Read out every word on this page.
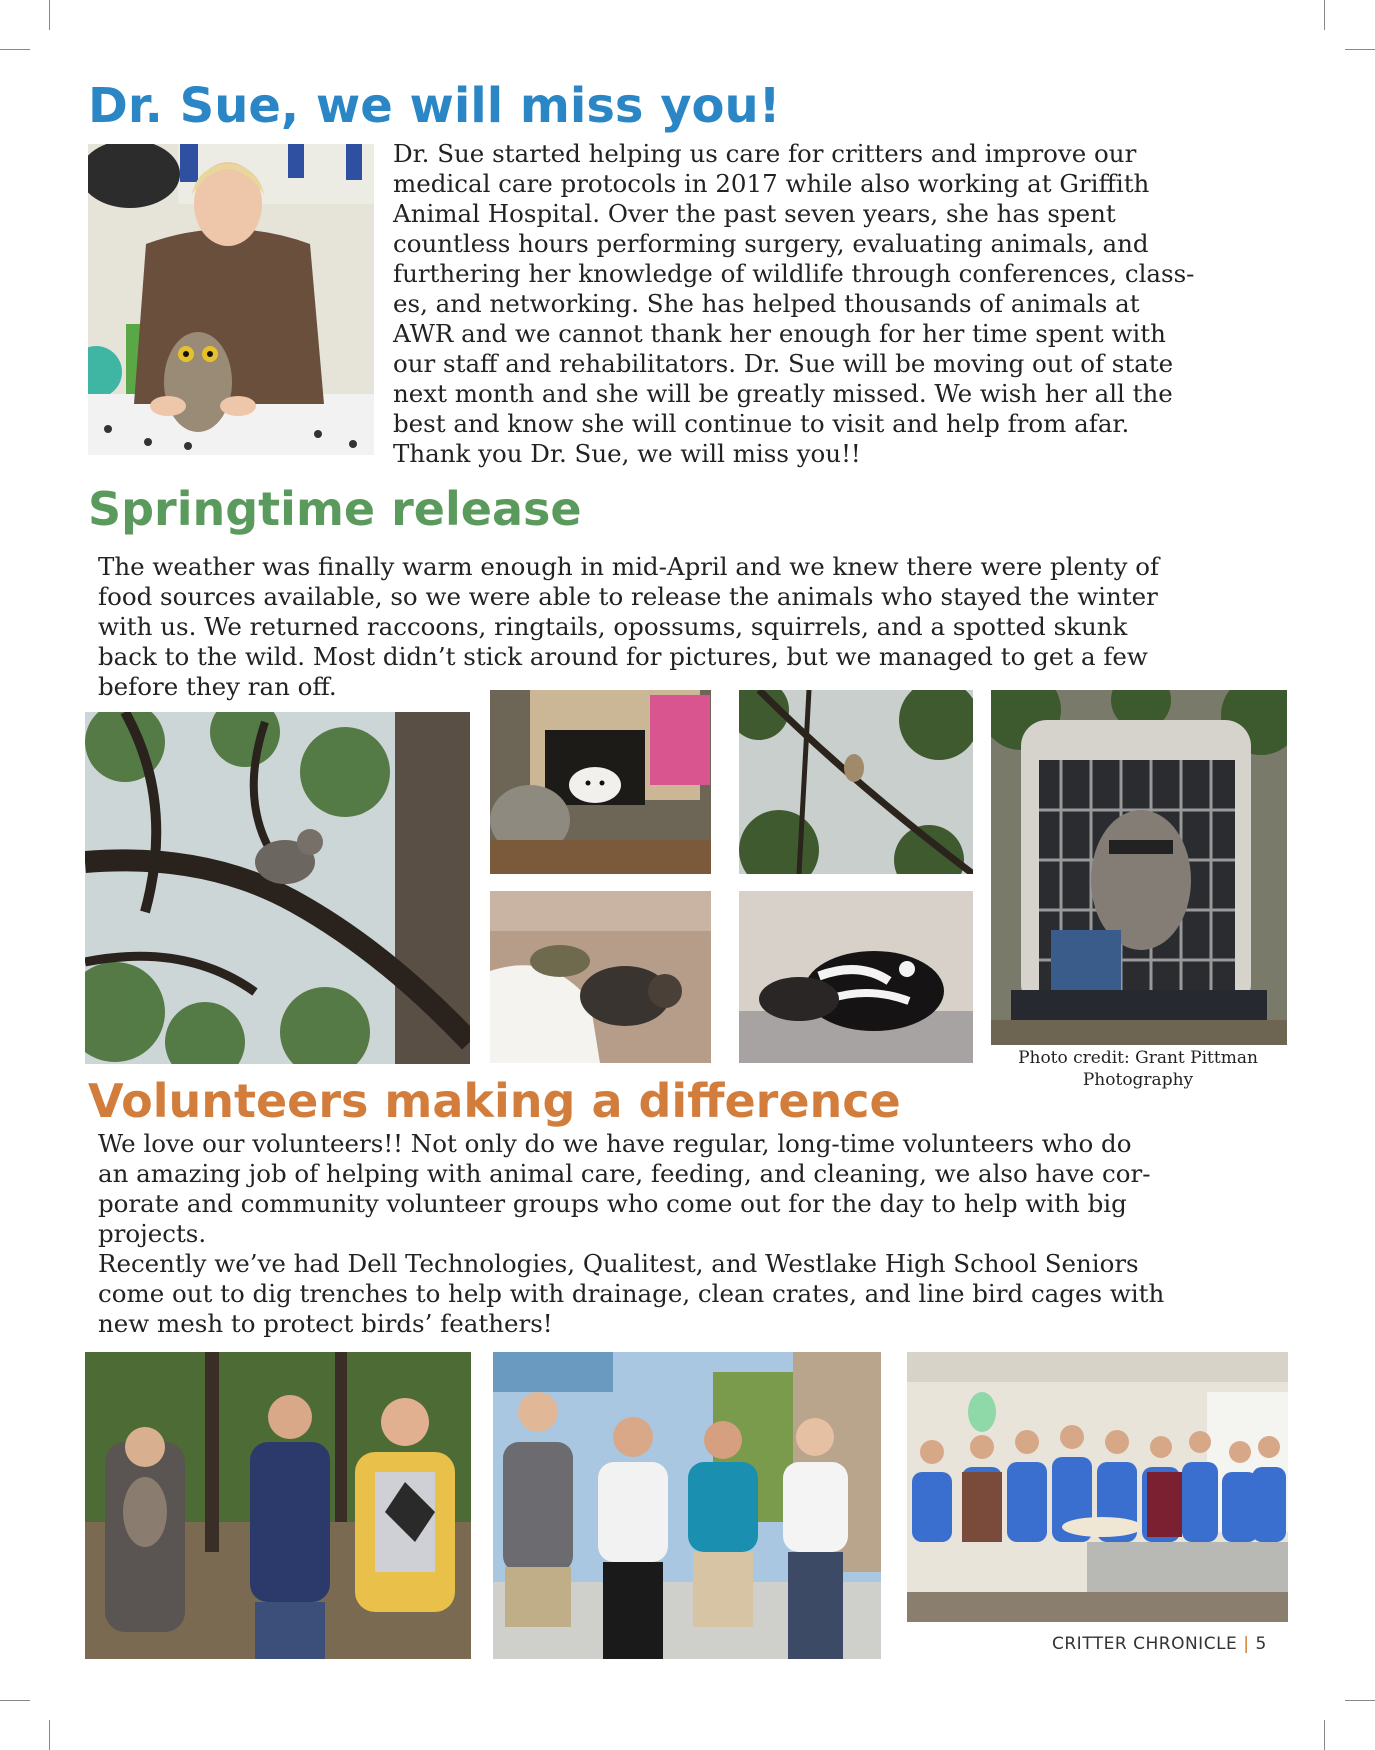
Dr. Sue, we will miss you!

Dr. Sue started helping us care for critters and improve our
medical care protocols in 2017 while also working at Griffith
Animal Hospital. Over the past seven years, she has spent
countless hours performing surgery, evaluating animals, and
furthering her knowledge of wildlife through conferences, class-
es, and networking. She has helped thousands of animals at
AWR and we cannot thank her enough for her time spent with
our staff and rehabilitators. Dr. Sue will be moving out of state
next month and she will be greatly missed. We wish her all the
best and know she will continue to visit and help from afar.
Thank you Dr. Sue, we will miss you!!

Springtime release

The weather was finally warm enough in mid-April and we knew there were plenty of
food sources available, so we were able to release the animals who stayed the winter
with us. We returned raccoons, ringtails, opossums, squirrels, and a spotted skunk
back to the wild. Most didn’t stick around for pictures, but we managed to get a few
before they ran off.

Photo credit: Grant Pittman
Photography
Volunteers making a difference

We love our volunteers!! Not only do we have regular, long-time volunteers who do
an amazing job of helping with animal care, feeding, and cleaning, we also have cor-
porate and community volunteer groups who come out for the day to help with big
projects.
Recently we’ve had Dell Technologies, Qualitest, and Westlake High School Seniors
come out to dig trenches to help with drainage, clean crates, and line bird cages with
new mesh to protect birds’ feathers!

CRITTER CHRONICLE | 5
